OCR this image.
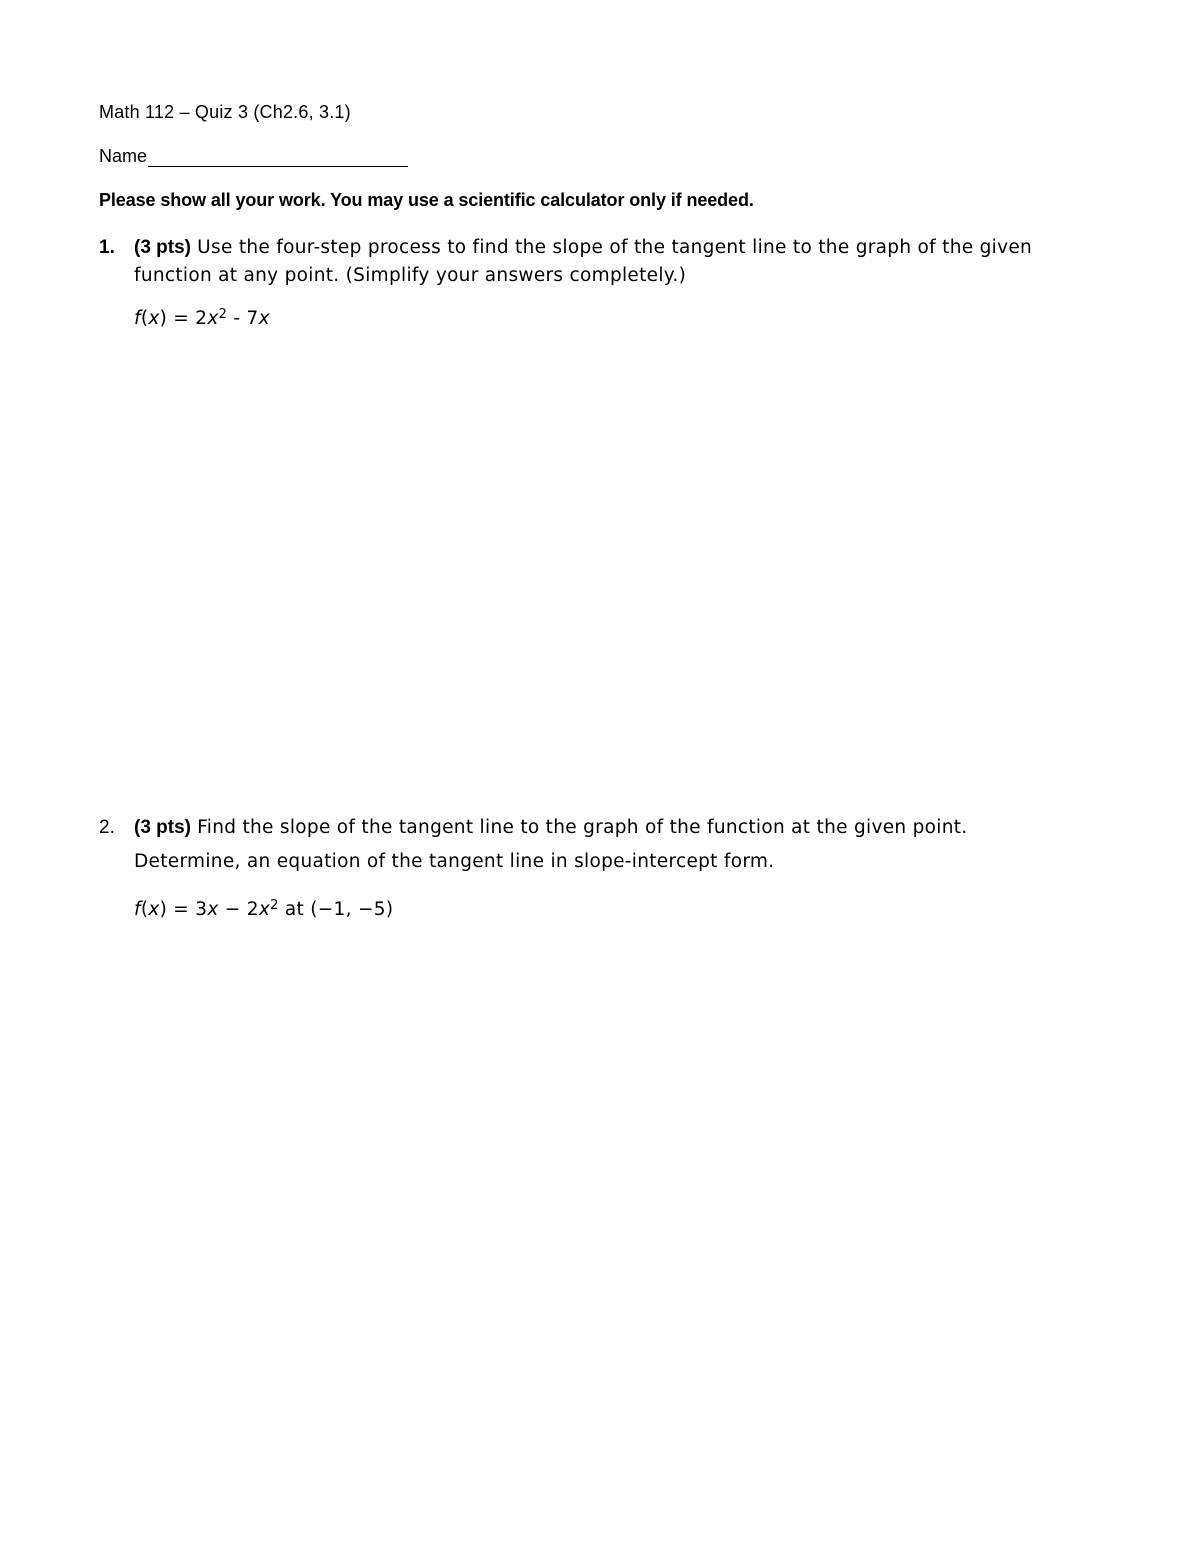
Math 112 – Quiz 3 (Ch2.6, 3.1)
Name
Please show all your work. You may use a scientific calculator only if needed.
1. (3 pts) Use the four-step process to find the slope of the tangent line to the graph of the given function at any point. (Simplify your answers completely.)
$f(x) = 2x^2 - 7x$
2. (3 pts) Find the slope of the tangent line to the graph of the function at the given point.
Determine, an equation of the tangent line in slope-intercept form.
$f(x) = 3x - 2x^2$ at (−1, −5)
